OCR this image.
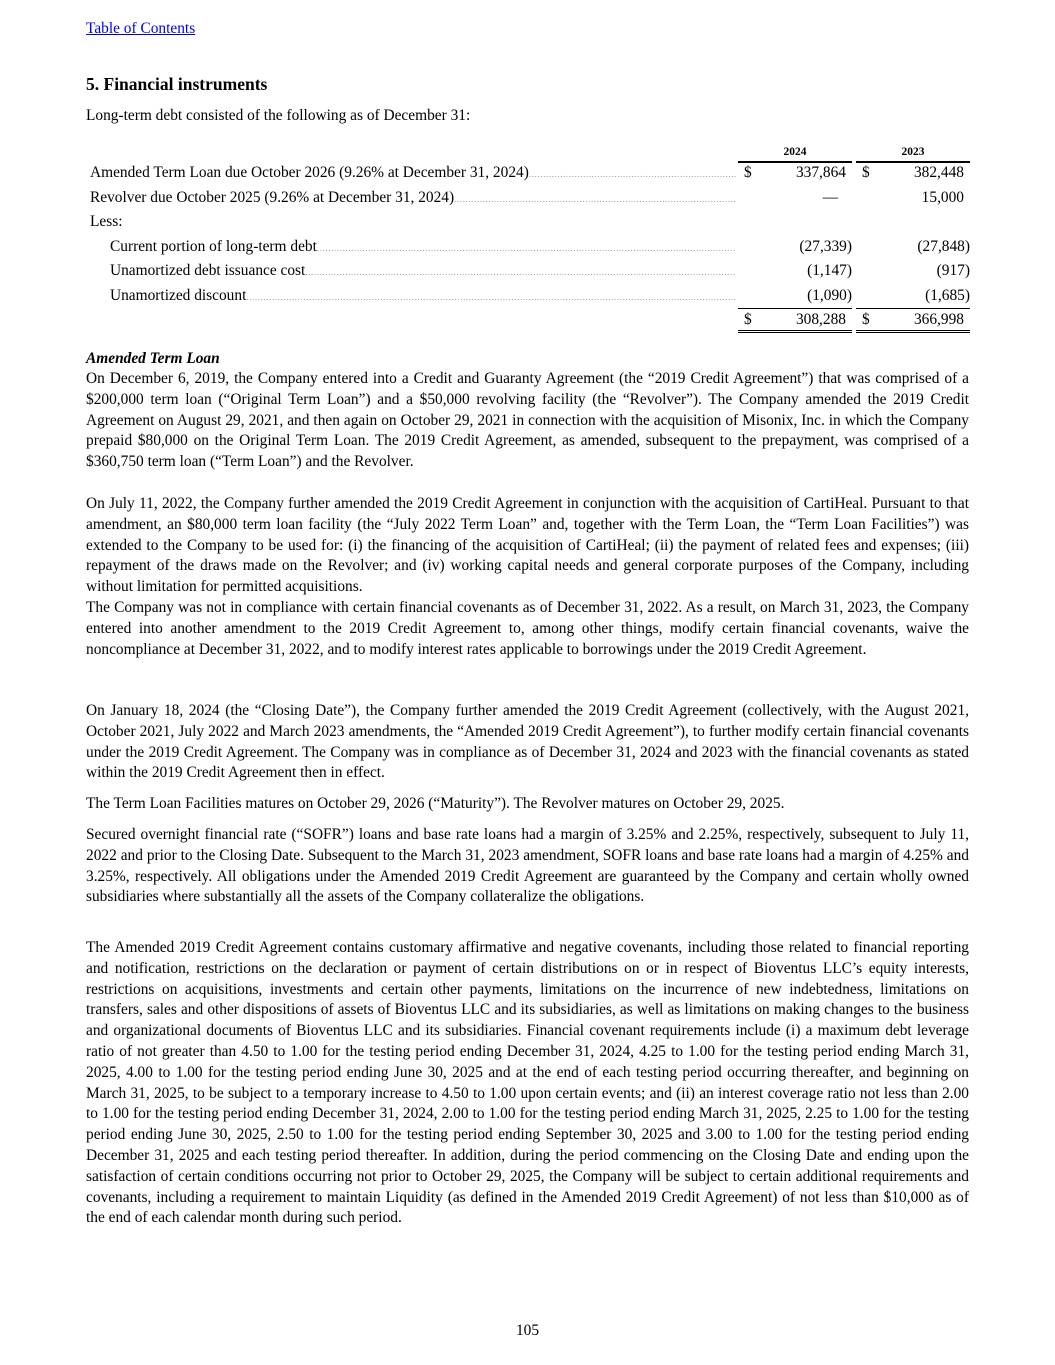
Table of Contents
5. Financial instruments
Long-term debt consisted of the following as of December 31:
2024	2023
Amended Term Loan due October 2026 (9.26% at December 31, 2024) .....	$	337,864 $	382,448
Revolver due October 2025 (9.26% at December 31, 2024) .....	—	15,000
Less:
Current portion of long-term debt .....	(27,339)	(27,848)
Unamortized debt issuance cost .....	(1,147)	(917)
Unamortized discount .....	(1,090)	(1,685)
$	308,288 $	366,998
Amended Term Loan

On December 6, 2019, the Company entered into a Credit and Guaranty Agreement (the “2019 Credit Agreement”) that was comprised of a $200,000 term loan (“Original Term Loan”) and a $50,000 revolving facility (the “Revolver”). The Company amended the 2019 Credit Agreement on August 29, 2021, and then again on October 29, 2021 in connection with the acquisition of Misonix, Inc. in which the Company prepaid $80,000 on the Original Term Loan. The 2019 Credit Agreement, as amended, subsequent to the prepayment, was comprised of a $360,750 term loan (“Term Loan”) and the Revolver.

On July 11, 2022, the Company further amended the 2019 Credit Agreement in conjunction with the acquisition of CartiHeal. Pursuant to that amendment, an $80,000 term loan facility (the “July 2022 Term Loan” and, together with the Term Loan, the “Term Loan Facilities”) was extended to the Company to be used for: (i) the financing of the acquisition of CartiHeal; (ii) the payment of related fees and expenses; (iii) repayment of the draws made on the Revolver; and (iv) working capital needs and general corporate purposes of the Company, including without limitation for permitted acquisitions.

The Company was not in compliance with certain financial covenants as of December 31, 2022. As a result, on March 31, 2023, the Company entered into another amendment to the 2019 Credit Agreement to, among other things, modify certain financial covenants, waive the noncompliance at December 31, 2022, and to modify interest rates applicable to borrowings under the 2019 Credit Agreement.

On January 18, 2024 (the “Closing Date”), the Company further amended the 2019 Credit Agreement (collectively, with the August 2021, October 2021, July 2022 and March 2023 amendments, the “Amended 2019 Credit Agreement”), to further modify certain financial covenants under the 2019 Credit Agreement. The Company was in compliance as of December 31, 2024 and 2023 with the financial covenants as stated within the 2019 Credit Agreement then in effect.

The Term Loan Facilities matures on October 29, 2026 (“Maturity”). The Revolver matures on October 29, 2025.

Secured overnight financial rate (“SOFR”) loans and base rate loans had a margin of 3.25% and 2.25%, respectively, subsequent to July 11, 2022 and prior to the Closing Date. Subsequent to the March 31, 2023 amendment, SOFR loans and base rate loans had a margin of 4.25% and 3.25%, respectively. All obligations under the Amended 2019 Credit Agreement are guaranteed by the Company and certain wholly owned subsidiaries where substantially all the assets of the Company collateralize the obligations.

The Amended 2019 Credit Agreement contains customary affirmative and negative covenants, including those related to financial reporting and notification, restrictions on the declaration or payment of certain distributions on or in respect of Bioventus LLC’s equity interests, restrictions on acquisitions, investments and certain other payments, limitations on the incurrence of new indebtedness, limitations on transfers, sales and other dispositions of assets of Bioventus LLC and its subsidiaries, as well as limitations on making changes to the business and organizational documents of Bioventus LLC and its subsidiaries. Financial covenant requirements include (i) a maximum debt leverage ratio of not greater than 4.50 to 1.00 for the testing period ending December 31, 2024, 4.25 to 1.00 for the testing period ending March 31, 2025, 4.00 to 1.00 for the testing period ending June 30, 2025 and at the end of each testing period occurring thereafter, and beginning on March 31, 2025, to be subject to a temporary increase to 4.50 to 1.00 upon certain events; and (ii) an interest coverage ratio not less than 2.00 to 1.00 for the testing period ending December 31, 2024, 2.00 to 1.00 for the testing period ending March 31, 2025, 2.25 to 1.00 for the testing period ending June 30, 2025, 2.50 to 1.00 for the testing period ending September 30, 2025 and 3.00 to 1.00 for the testing period ending December 31, 2025 and each testing period thereafter. In addition, during the period commencing on the Closing Date and ending upon the satisfaction of certain conditions occurring not prior to October 29, 2025, the Company will be subject to certain additional requirements and covenants, including a requirement to maintain Liquidity (as defined in the Amended 2019 Credit Agreement) of not less than $10,000 as of the end of each calendar month during such period.

105
